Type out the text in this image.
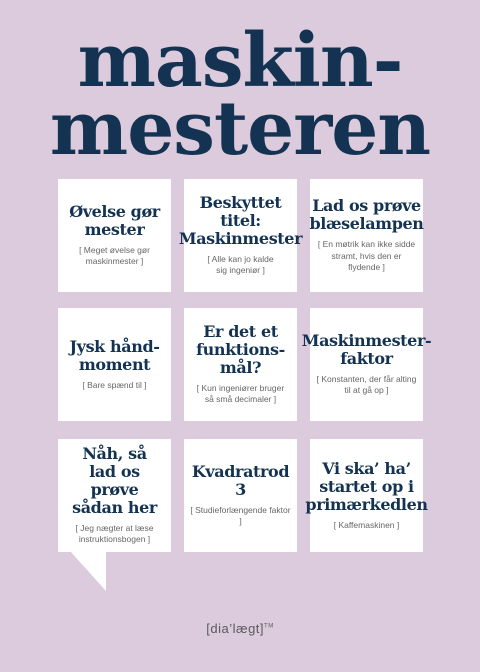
maskin-
mesteren
Øvelse gør
mester
[ Meget øvelse gør
maskinmester ]
Beskyttet titel:
Maskinmester
[ Alle kan jo kalde
sig ingeniør ]
Lad os prøve
blæselampen
[ En møtrik kan ikke sidde
stramt, hvis den er flydende ]
Jysk hånd-
moment
[ Bare spænd til ]
Er det et
funktions-
mål?
[ Kun ingeniører bruger
så små decimaler ]
Maskinmester-
faktor
[ Konstanten, der får alting
til at gå op ]
Nåh, så
lad os prøve
sådan her
[ Jeg nægter at læse
instruktionsbogen ]
Kvadratrod 3
[ Studieforlængende faktor ]
Vi ska’ ha’
startet op i
primærkedlen
[ Kaffemaskinen ]
[dia’lægt]™
